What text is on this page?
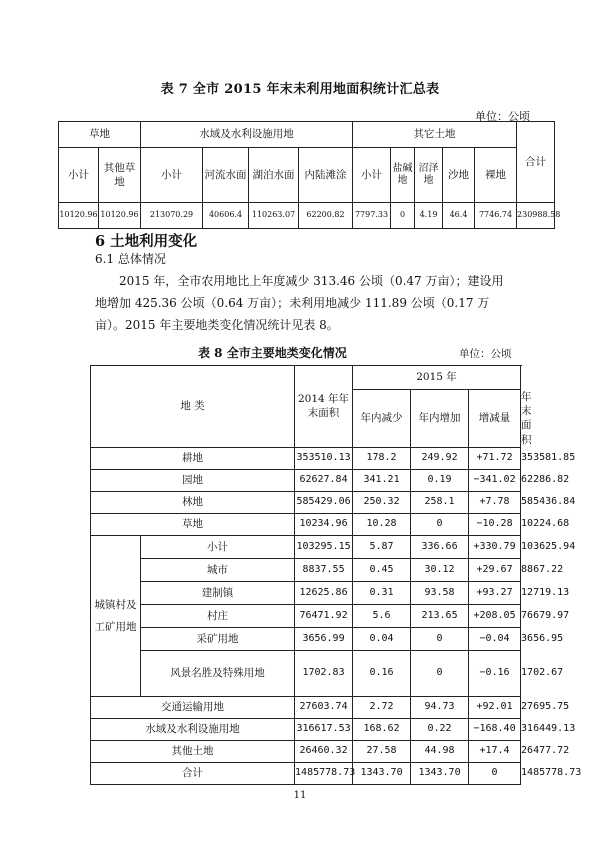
表 7 全市 2015 年末未利用地面积统计汇总表
单位：公顷
草地		水域及水利设施用地				其它土地					合计
小计	其他草地	小计	河流水面	湖泊水面	内陆滩涂	小计	盐碱地	沼泽地	沙地	裸地	
10120.96	10120.96	213070.29	40606.4	110263.07	62200.82	7797.33	0	4.19	46.4	7746.74	230988.58
6 土地利用变化
6.1 总体情况
2015 年，全市农用地比上年度减少 313.46 公顷（0.47 万亩）；建设用地增加 425.36 公顷（0.64 万亩）；未利用地减少 111.89 公顷（0.17 万亩）。2015 年主要地类变化情况统计见表 8。
表 8 全市主要地类变化情况	单位：公顷
地 类		2014 年年末面积	2015 年			
			年内减少	年内增加	增减量	年末面积
耕地		353510.13	178.2	249.92	+71.72	353581.85
园地		62627.84	341.21	0.19	−341.02	62286.82
林地		585429.06	250.32	258.1	+7.78	585436.84
草地		10234.96	10.28	0	−10.28	10224.68
城镇村及工矿用地	小计	103295.15	5.87	336.66	+330.79	103625.94
	城市	8837.55	0.45	30.12	+29.67	8867.22
	建制镇	12625.86	0.31	93.58	+93.27	12719.13
	村庄	76471.92	5.6	213.65	+208.05	76679.97
	采矿用地	3656.99	0.04	0	−0.04	3656.95
	风景名胜及特殊用地	1702.83	0.16	0	−0.16	1702.67
交通运输用地		27603.74	2.72	94.73	+92.01	27695.75
水域及水利设施用地		316617.53	168.62	0.22	−168.40	316449.13
其他土地		26460.32	27.58	44.98	+17.4	26477.72
合计		1485778.73	1343.70	1343.70	0	1485778.73
11
